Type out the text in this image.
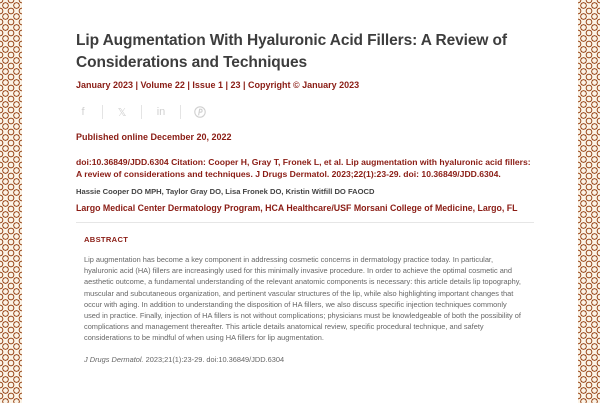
Lip Augmentation With Hyaluronic Acid Fillers: A Review of Considerations and Techniques
January 2023 | Volume 22 | Issue 1 | 23 | Copyright © January 2023
f	𝕏	in
Published online December 20, 2022
doi:10.36849/JDD.6304 Citation: Cooper H, Gray T, Fronek L, et al. Lip augmentation with hyaluronic acid fillers: A review of considerations and techniques. J Drugs Dermatol. 2023;22(1):23-29. doi: 10.36849/JDD.6304.
Hassie Cooper DO MPH, Taylor Gray DO, Lisa Fronek DO, Kristin Witfill DO FAOCD
Largo Medical Center Dermatology Program, HCA Healthcare/USF Morsani College of Medicine, Largo, FL
ABSTRACT

Lip augmentation has become a key component in addressing cosmetic concerns in dermatology practice today. In particular, hyaluronic acid (HA) fillers are increasingly used for this minimally invasive procedure. In order to achieve the optimal cosmetic and aesthetic outcome, a fundamental understanding of the relevant anatomic components is necessary: this article details lip topography, muscular and subcutaneous organization, and pertinent vascular structures of the lip, while also highlighting important changes that occur with aging. In addition to understanding the disposition of HA fillers, we also discuss specific injection techniques commonly used in practice. Finally, injection of HA fillers is not without complications; physicians must be knowledgeable of both the possibility of complications and management thereafter. This article details anatomical review, specific procedural technique, and safety considerations to be mindful of when using HA fillers for lip augmentation.

J Drugs Dermatol. 2023;21(1):23-29. doi:10.36849/JDD.6304
